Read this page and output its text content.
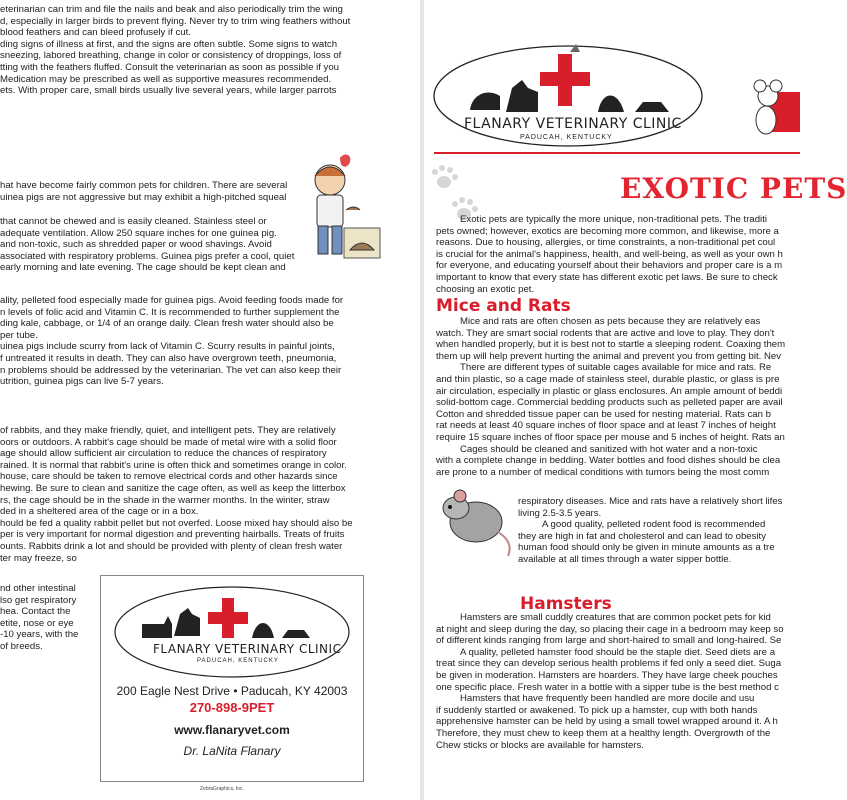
eterinarian can trim and file the nails and beak and also periodically trim the wing
d, especially in larger birds to prevent flying. Never try to trim wing feathers without
blood feathers and can bleed profusely if cut.
ding signs of illness at first, and the signs are often subtle. Some signs to watch
sneezing, labored breathing, change in color or consistency of droppings, loss of
tting with the feathers fluffed. Consult the veterinarian as soon as possible if you
Medication may be prescribed as well as supportive measures recommended.
ets. With proper care, small birds usually live several years, while larger parrots
hat have become fairly common pets for children. There are several
uinea pigs are not aggressive but may exhibit a high-pitched squeal
that cannot be chewed and is easily cleaned. Stainless steel or
adequate ventilation. Allow 250 square inches for one guinea pig.
and non-toxic, such as shredded paper or wood shavings. Avoid
associated with respiratory problems. Guinea pigs prefer a cool, quiet
early morning and late evening. The cage should be kept clean and
ality, pelleted food especially made for guinea pigs. Avoid feeding foods made for
n levels of folic acid and Vitamin C. It is recommended to further supplement the
ding kale, cabbage, or 1/4 of an orange daily. Clean fresh water should also be
per tube.
uinea pigs include scurry from lack of Vitamin C. Scurry results in painful joints,
f untreated it results in death. They can also have overgrown teeth, pneumonia,
n problems should be addressed by the veterinarian. The vet can also keep their
utrition, guinea pigs can live 5-7 years.
of rabbits, and they make friendly, quiet, and intelligent pets. They are relatively
oors or outdoors. A rabbit's cage should be made of metal wire with a solid floor
age should allow sufficient air circulation to reduce the chances of respiratory
rained. It is normal that rabbit's urine is often thick and sometimes orange in color.
house, care should be taken to remove electrical cords and other hazards since
hewing. Be sure to clean and sanitize the cage often, as well as keep the litterbox
rs, the cage should be in the shade in the warmer months. In the winter, straw
ded in a sheltered area of the cage or in a box.
hould be fed a quality rabbit pellet but not overfed. Loose mixed hay should also be
per is very important for normal digestion and preventing hairballs. Treats of fruits
ounts. Rabbits drink a lot and should be provided with plenty of clean fresh water
ter may freeze, so
nd other intestinal
lso get respiratory
hea. Contact the
etite, nose or eye
-10 years, with the
of breeds.	FLANARY VETERINARY CLINIC
PADUCAH, KENTUCKY
200 Eagle Nest Drive • Paducah, KY 42003
270-898-9PET
www.flanaryvet.com
Dr. LaNita Flanary
ZebraGraphics, Inc.
FLANARY VETERINARY CLINIC
PADUCAH, KENTUCKY
EXOTIC PETS
Exotic pets are typically the more unique, non-traditional pets. The traditi
pets owned; however, exotics are becoming more common, and likewise, more a
reasons. Due to housing, allergies, or time constraints, a non-traditional pet coul
is crucial for the animal's happiness, health, and well-being, as well as your own h
for everyone, and educating yourself about their behaviors and proper care is a m
important to know that every state has different exotic pet laws. Be sure to check
choosing an exotic pet.
Mice and Rats
Mice and rats are often chosen as pets because they are relatively eas
watch. They are smart social rodents that are active and love to play. They don't
when handled properly, but it is best not to startle a sleeping rodent. Coaxing them
them up will help prevent hurting the animal and prevent you from getting bit. Nev
There are different types of suitable cages available for mice and rats. Re
and thin plastic, so a cage made of stainless steel, durable plastic, or glass is pre
air circulation, especially in plastic or glass enclosures. An ample amount of beddi
solid-bottom cage. Commercial bedding products such as pelleted paper are avail
Cotton and shredded tissue paper can be used for nesting material. Rats can b
rat needs at least 40 square inches of floor space and at least 7 inches of height
require 15 square inches of floor space per mouse and 5 inches of height. Rats an
Cages should be cleaned and sanitized with hot water and a non-toxic
with a complete change in bedding. Water bottles and food dishes should be clea
are prone to a number of medical conditions with tumors being the most comm
respiratory diseases. Mice and rats have a relatively short lifes
living 2.5-3.5 years.
A good quality, pelleted rodent food is recommended
they are high in fat and cholesterol and can lead to obesity
human food should only be given in minute amounts as a tre
available at all times through a water sipper bottle.
Hamsters
Hamsters are small cuddly creatures that are common pocket pets for kid
at night and sleep during the day, so placing their cage in a bedroom may keep so
of different kinds ranging from large and short-haired to small and long-haired. Se
A quality, pelleted hamster food should be the staple diet. Seed diets are a
treat since they can develop serious health problems if fed only a seed diet. Suga
be given in moderation. Hamsters are hoarders. They have large cheek pouches
one specific place. Fresh water in a bottle with a sipper tube is the best method c
Hamsters that have frequently been handled are more docile and usu
if suddenly startled or awakened. To pick up a hamster, cup with both hands
apprehensive hamster can be held by using a small towel wrapped around it. A h
Therefore, they must chew to keep them at a healthy length. Overgrowth of the
Chew sticks or blocks are available for hamsters.
